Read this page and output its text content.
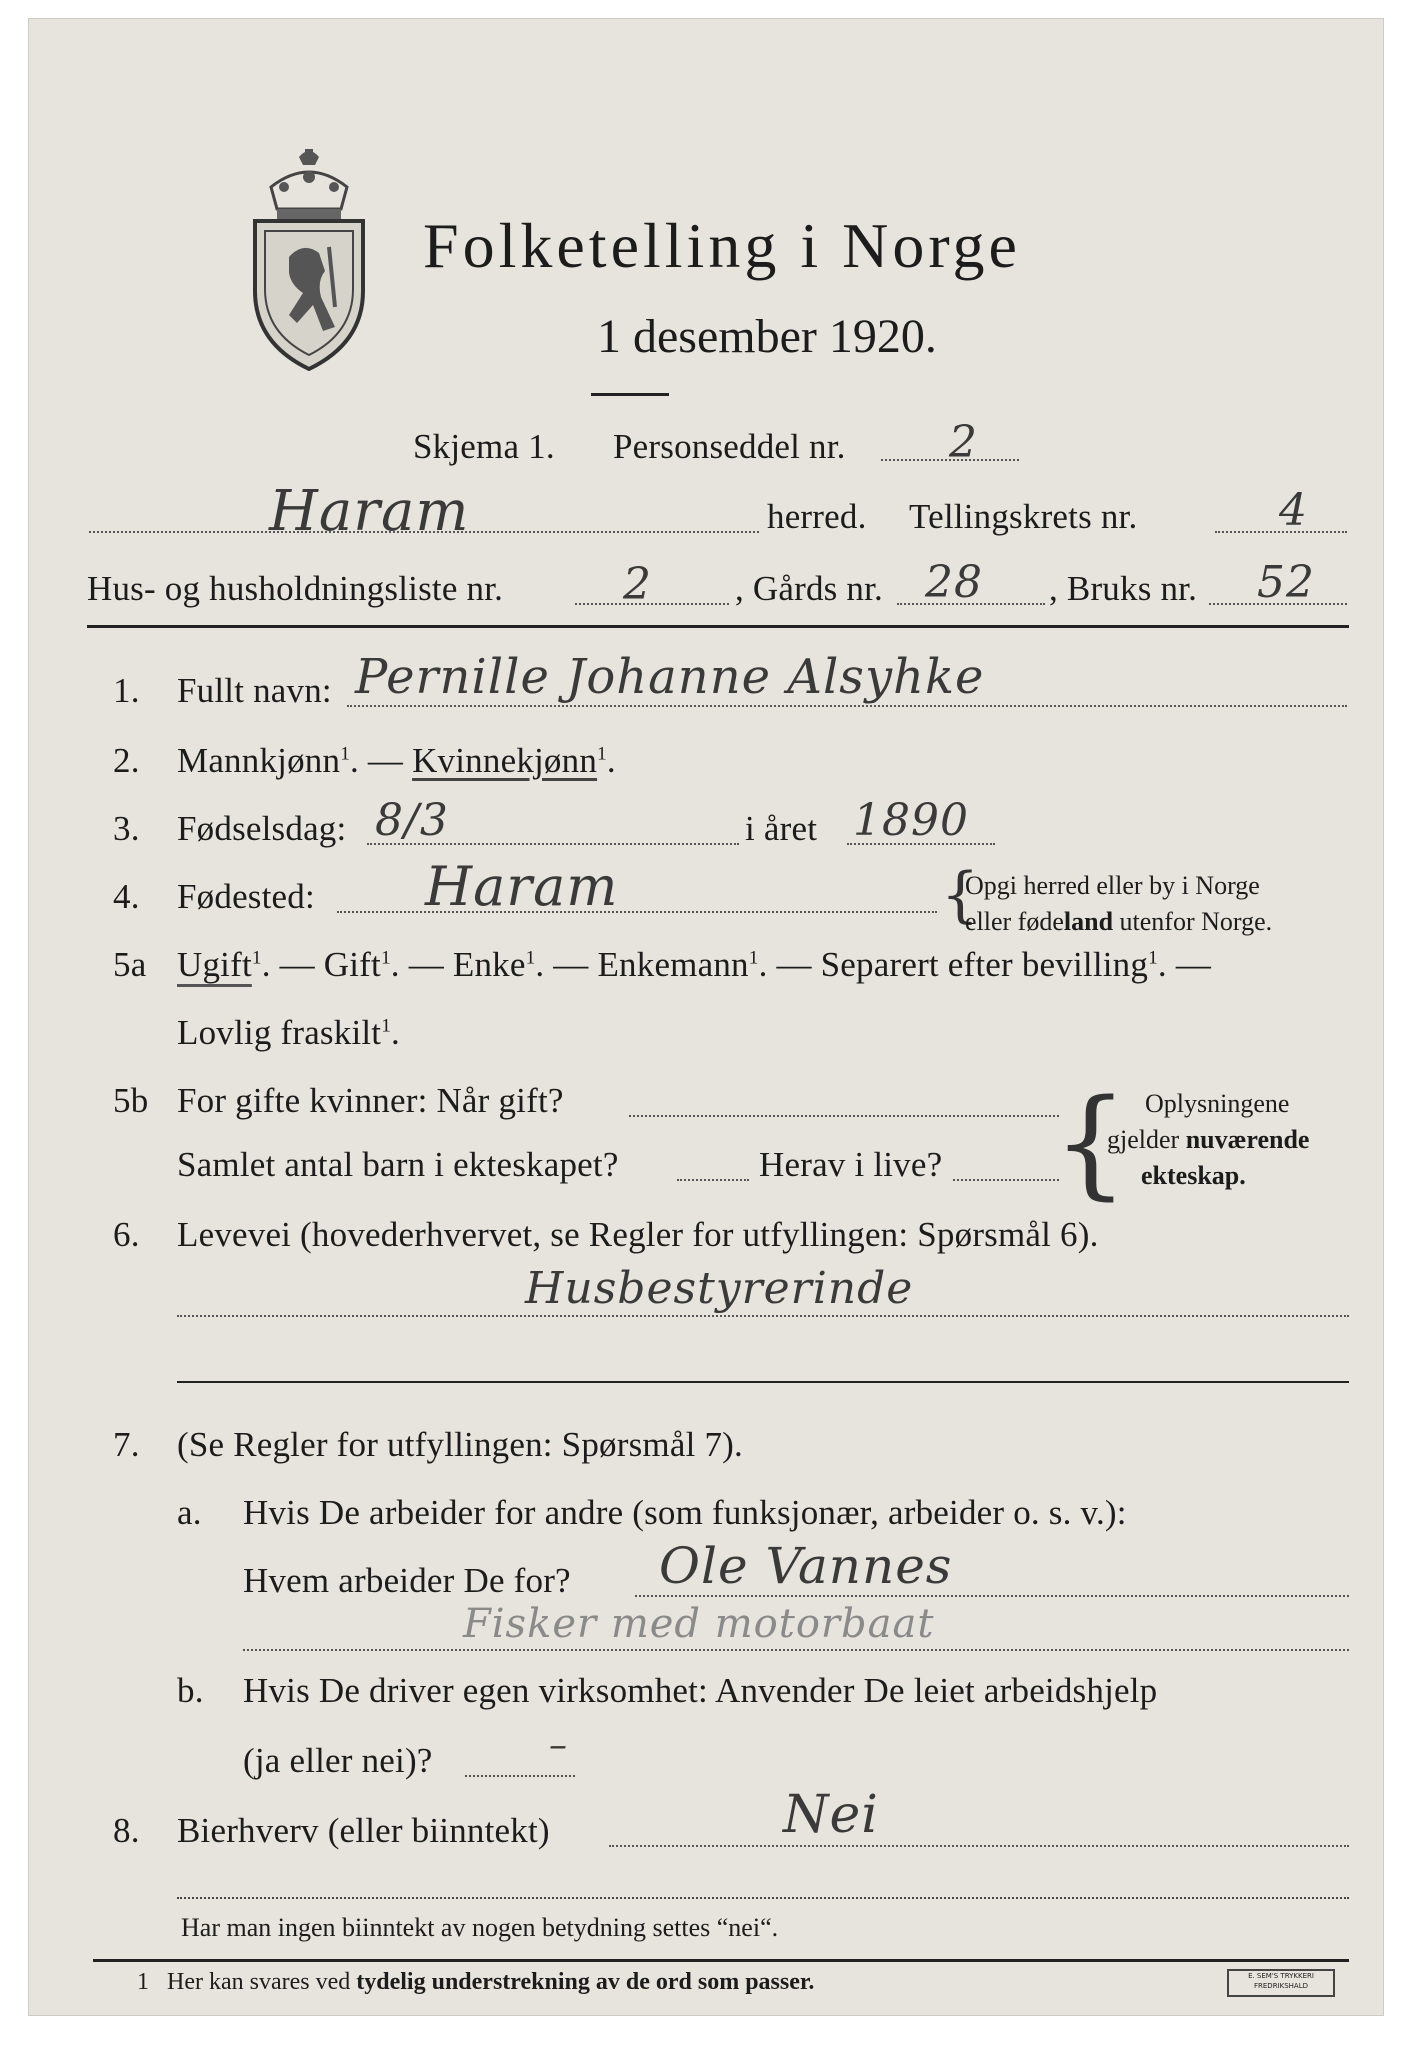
Folketelling i Norge
1 desember 1920.
Skjema 1. Personseddel nr. 2
Haram	herred. Tellingskrets nr.	4
Hus- og husholdningsliste nr.	2 , Gårds nr. 28 , Bruks nr. 52
1. Fullt navn: Pernille Johanne Alsyhke
2. Mannkjønn$^1$. — Kvinnekjønn$^1$.
3. Fødselsdag: 8/3	i året 1890
4. Fødested: Haram	{
Opgi herred eller by i Norge
eller fødeland utenfor Norge.
5a Ugift$^1$. — Gift$^1$. — Enke$^1$. — Enkemann$^1$. — Separert efter bevilling$^1$. —
Lovlig fraskilt$^1$.
5b For gifte kvinner: Når gift?
Samlet antal barn i ekteskapet?	Herav i live? { Oplysningene
gjelder nuværende
ekteskap.
6. Levevei (hovederhvervet, se Regler for utfyllingen: Spørsmål 6).
Husbestyrerinde
7. (Se Regler for utfyllingen: Spørsmål 7).
a. Hvis De arbeider for andre (som funksjonær, arbeider o. s. v.):
Hvem arbeider De for? Ole Vannes
Fisker med motorbaat
b. Hvis De driver egen virksomhet: Anvender De leiet arbeidshjelp
(ja eller nei)?	–
8. Bierhverv (eller biinntekt)	Nei
Har man ingen biinntekt av nogen betydning settes “nei“.
1 Her kan svares ved tydelig understrekning av de ord som passer.	E. SEM'S TRYKKERI
FREDRIKSHALD
